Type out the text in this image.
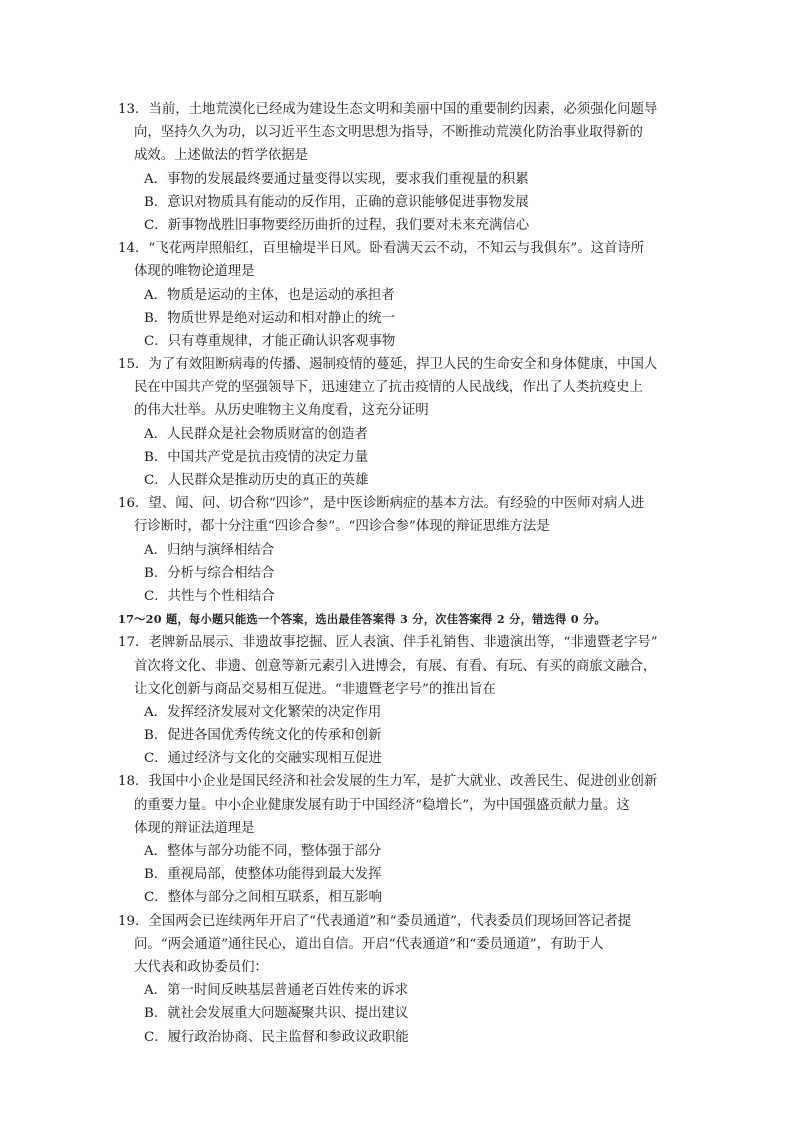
13．当前，土地荒漠化已经成为建设生态文明和美丽中国的重要制约因素，必须强化问题导
向，坚持久久为功，以习近平生态文明思想为指导，不断推动荒漠化防治事业取得新的
成效。上述做法的哲学依据是
A．事物的发展最终要通过量变得以实现，要求我们重视量的积累
B．意识对物质具有能动的反作用，正确的意识能够促进事物发展
C．新事物战胜旧事物要经历曲折的过程，我们要对未来充满信心
14．“飞花两岸照船红，百里榆堤半日风。卧看满天云不动，不知云与我俱东”。这首诗所
体现的唯物论道理是
A．物质是运动的主体，也是运动的承担者
B．物质世界是绝对运动和相对静止的统一
C．只有尊重规律，才能正确认识客观事物
15．为了有效阻断病毒的传播、遏制疫情的蔓延，捍卫人民的生命安全和身体健康，中国人
民在中国共产党的坚强领导下，迅速建立了抗击疫情的人民战线，作出了人类抗疫史上
的伟大壮举。从历史唯物主义角度看，这充分证明
A．人民群众是社会物质财富的创造者
B．中国共产党是抗击疫情的决定力量
C．人民群众是推动历史的真正的英雄
16．望、闻、问、切合称“四诊”，是中医诊断病症的基本方法。有经验的中医师对病人进
行诊断时，都十分注重“四诊合参”。“四诊合参”体现的辩证思维方法是
A．归纳与演绎相结合
B．分析与综合相结合
C．共性与个性相结合
17～20 题，每小题只能选一个答案，选出最佳答案得 3 分，次佳答案得 2 分，错选得 0 分。
17．老牌新品展示、非遗故事挖掘、匠人表演、伴手礼销售、非遗演出等，“非遗暨老字号”
首次将文化、非遗、创意等新元素引入进博会，有展、有看、有玩、有买的商旅文融合，
让文化创新与商品交易相互促进。“非遗暨老字号”的推出旨在
A．发挥经济发展对文化繁荣的决定作用
B．促进各国优秀传统文化的传承和创新
C．通过经济与文化的交融实现相互促进
18．我国中小企业是国民经济和社会发展的生力军，是扩大就业、改善民生、促进创业创新
的重要力量。中小企业健康发展有助于中国经济“稳增长”，为中国强盛贡献力量。这
体现的辩证法道理是
A．整体与部分功能不同，整体强于部分
B．重视局部，使整体功能得到最大发挥
C．整体与部分之间相互联系，相互影响
19．全国两会已连续两年开启了“代表通道”和“委员通道”，代表委员们现场回答记者提
问。“两会通道”通往民心，道出自信。开启“代表通道”和“委员通道”，有助于人
大代表和政协委员们：
A．第一时间反映基层普通老百姓传来的诉求
B．就社会发展重大问题凝聚共识、提出建议
C．履行政治协商、民主监督和参政议政职能
